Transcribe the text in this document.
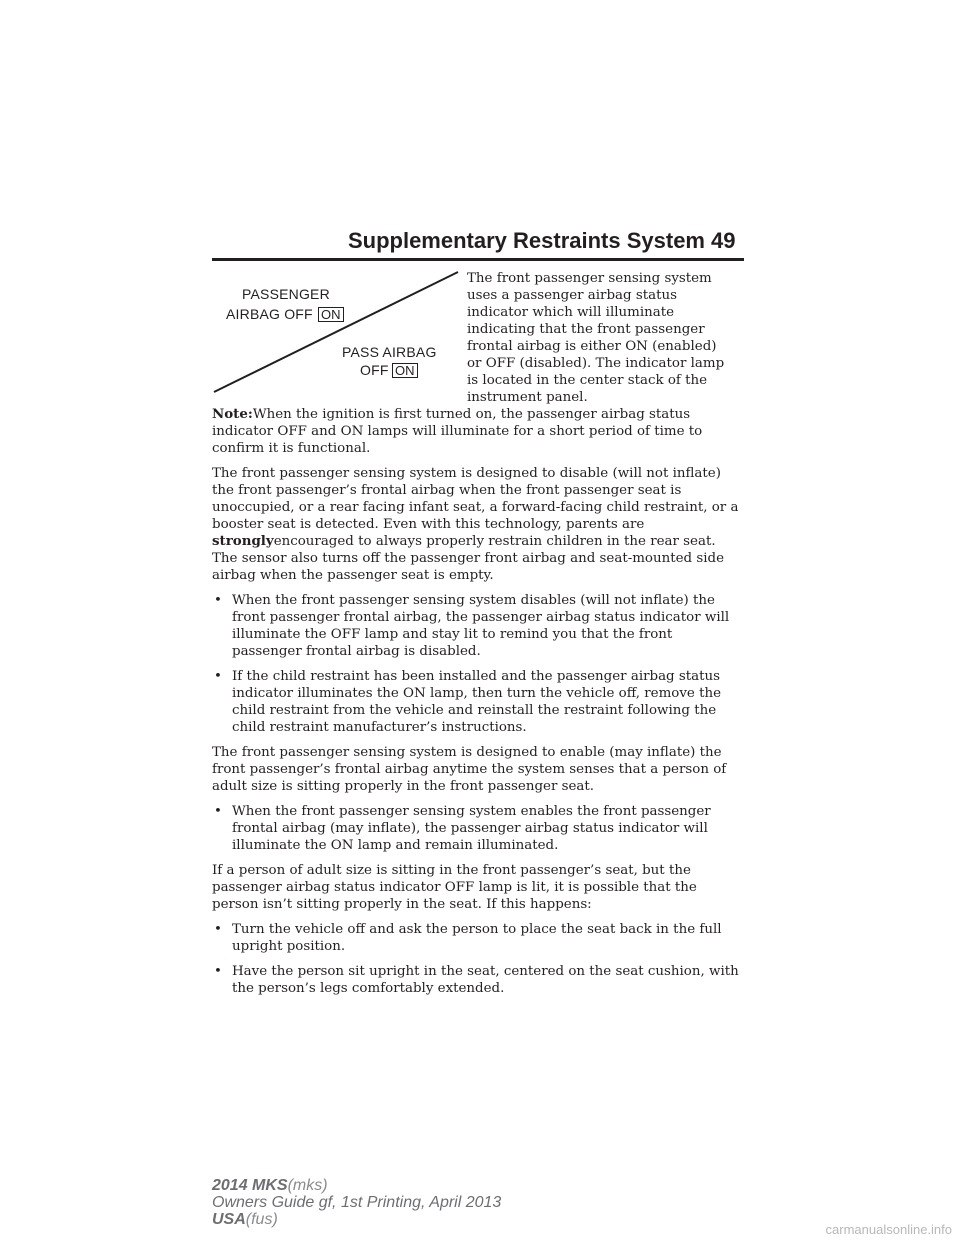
Supplementary Restraints System 49
PASSENGER
AIRBAG OFF ON
PASS AIRBAG
OFF ON
The front passenger sensing system uses a passenger airbag status indicator which will illuminate indicating that the front passenger frontal airbag is either ON (enabled) or OFF (disabled). The indicator lamp is located in the center stack of the instrument panel.

Note:When the ignition is first turned on, the passenger airbag status indicator OFF and ON lamps will illuminate for a short period of time to confirm it is functional.

The front passenger sensing system is designed to disable (will not inflate) the front passenger’s frontal airbag when the front passenger seat is unoccupied, or a rear facing infant seat, a forward-facing child restraint, or a booster seat is detected. Even with this technology, parents are stronglyencouraged to always properly restrain children in the rear seat. The sensor also turns off the passenger front airbag and seat-mounted side airbag when the passenger seat is empty.

• When the front passenger sensing system disables (will not inflate) the front passenger frontal airbag, the passenger airbag status indicator will illuminate the OFF lamp and stay lit to remind you that the front passenger frontal airbag is disabled.
• If the child restraint has been installed and the passenger airbag status indicator illuminates the ON lamp, then turn the vehicle off, remove the child restraint from the vehicle and reinstall the restraint following the child restraint manufacturer’s instructions.

The front passenger sensing system is designed to enable (may inflate) the front passenger’s frontal airbag anytime the system senses that a person of adult size is sitting properly in the front passenger seat.

• When the front passenger sensing system enables the front passenger frontal airbag (may inflate), the passenger airbag status indicator will illuminate the ON lamp and remain illuminated.

If a person of adult size is sitting in the front passenger’s seat, but the passenger airbag status indicator OFF lamp is lit, it is possible that the person isn’t sitting properly in the seat. If this happens:

• Turn the vehicle off and ask the person to place the seat back in the full upright position.
• Have the person sit upright in the seat, centered on the seat cushion, with the person’s legs comfortably extended.
2014 MKS(mks)
Owners Guide gf, 1st Printing, April 2013
USA(fus)
carmanualsonline.info
